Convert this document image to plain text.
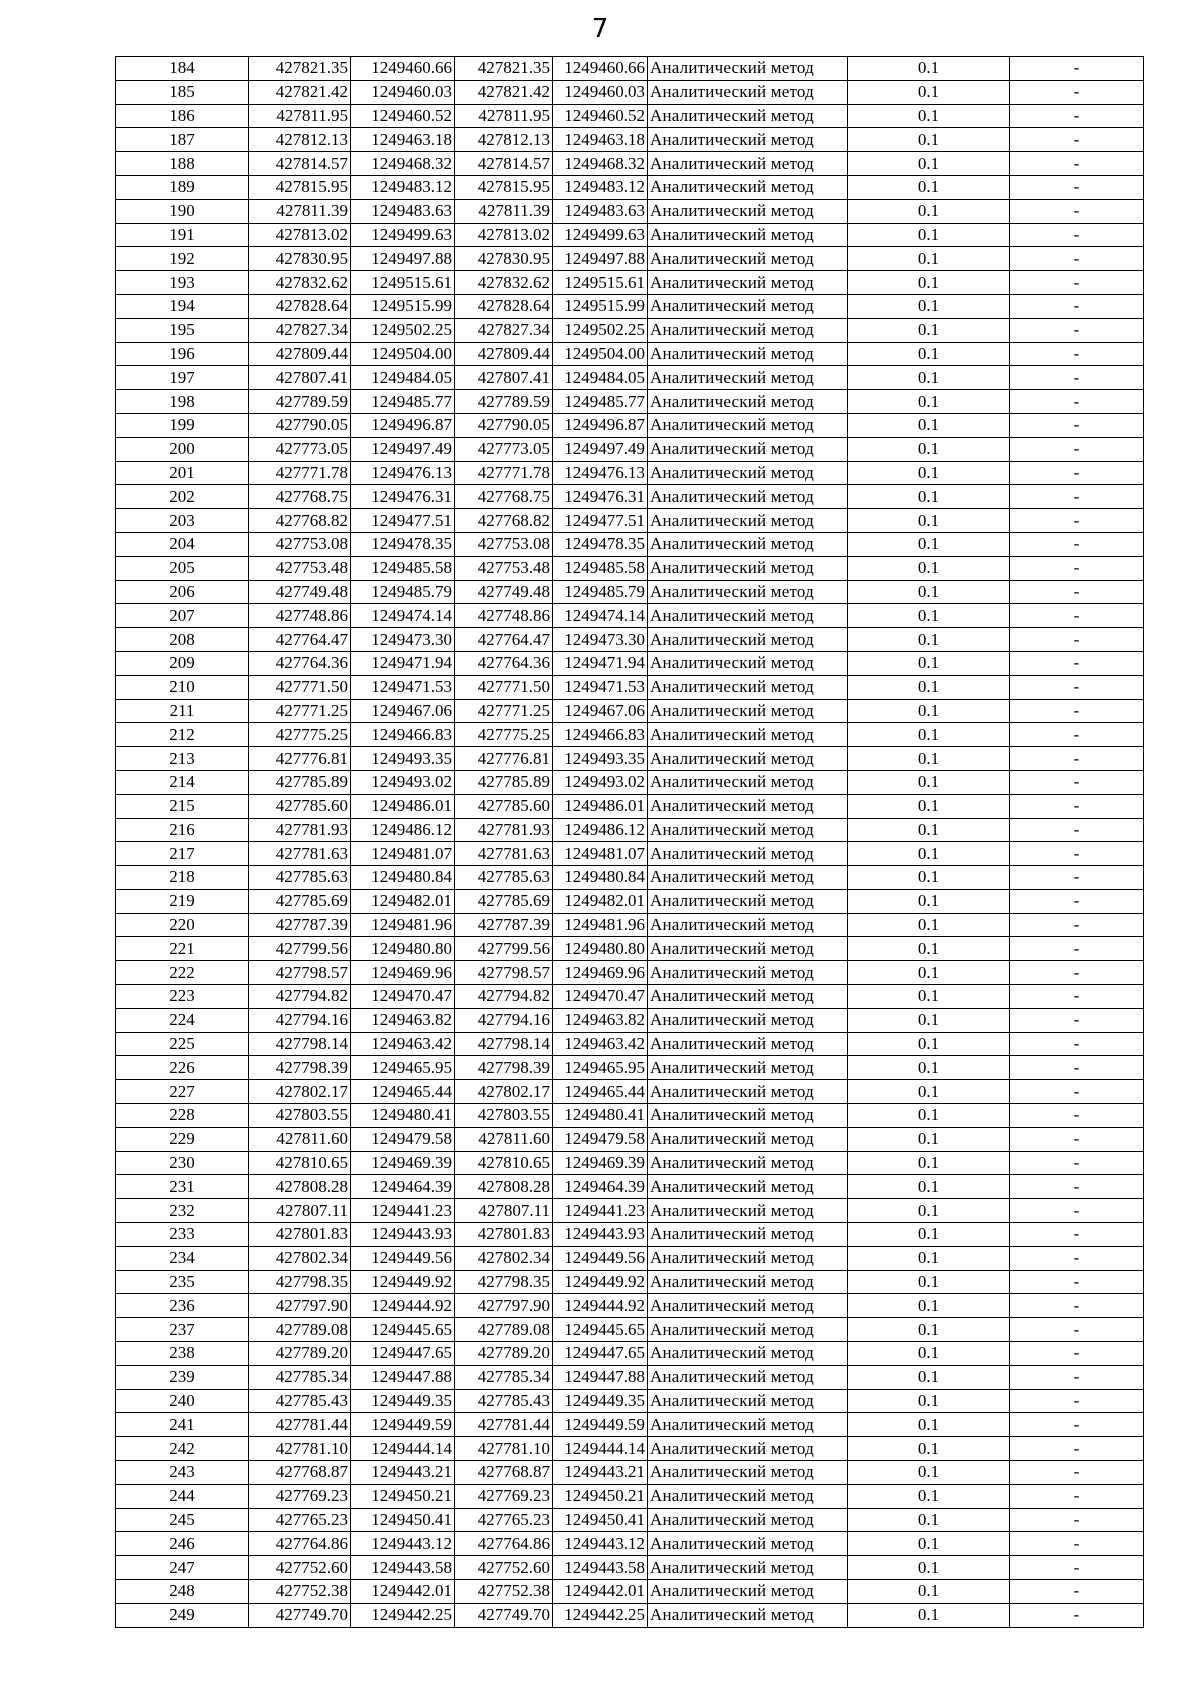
7
184	427821.35	1249460.66	427821.35	1249460.66	Аналитический метод	0.1	-
185	427821.42	1249460.03	427821.42	1249460.03	Аналитический метод	0.1	-
186	427811.95	1249460.52	427811.95	1249460.52	Аналитический метод	0.1	-
187	427812.13	1249463.18	427812.13	1249463.18	Аналитический метод	0.1	-
188	427814.57	1249468.32	427814.57	1249468.32	Аналитический метод	0.1	-
189	427815.95	1249483.12	427815.95	1249483.12	Аналитический метод	0.1	-
190	427811.39	1249483.63	427811.39	1249483.63	Аналитический метод	0.1	-
191	427813.02	1249499.63	427813.02	1249499.63	Аналитический метод	0.1	-
192	427830.95	1249497.88	427830.95	1249497.88	Аналитический метод	0.1	-
193	427832.62	1249515.61	427832.62	1249515.61	Аналитический метод	0.1	-
194	427828.64	1249515.99	427828.64	1249515.99	Аналитический метод	0.1	-
195	427827.34	1249502.25	427827.34	1249502.25	Аналитический метод	0.1	-
196	427809.44	1249504.00	427809.44	1249504.00	Аналитический метод	0.1	-
197	427807.41	1249484.05	427807.41	1249484.05	Аналитический метод	0.1	-
198	427789.59	1249485.77	427789.59	1249485.77	Аналитический метод	0.1	-
199	427790.05	1249496.87	427790.05	1249496.87	Аналитический метод	0.1	-
200	427773.05	1249497.49	427773.05	1249497.49	Аналитический метод	0.1	-
201	427771.78	1249476.13	427771.78	1249476.13	Аналитический метод	0.1	-
202	427768.75	1249476.31	427768.75	1249476.31	Аналитический метод	0.1	-
203	427768.82	1249477.51	427768.82	1249477.51	Аналитический метод	0.1	-
204	427753.08	1249478.35	427753.08	1249478.35	Аналитический метод	0.1	-
205	427753.48	1249485.58	427753.48	1249485.58	Аналитический метод	0.1	-
206	427749.48	1249485.79	427749.48	1249485.79	Аналитический метод	0.1	-
207	427748.86	1249474.14	427748.86	1249474.14	Аналитический метод	0.1	-
208	427764.47	1249473.30	427764.47	1249473.30	Аналитический метод	0.1	-
209	427764.36	1249471.94	427764.36	1249471.94	Аналитический метод	0.1	-
210	427771.50	1249471.53	427771.50	1249471.53	Аналитический метод	0.1	-
211	427771.25	1249467.06	427771.25	1249467.06	Аналитический метод	0.1	-
212	427775.25	1249466.83	427775.25	1249466.83	Аналитический метод	0.1	-
213	427776.81	1249493.35	427776.81	1249493.35	Аналитический метод	0.1	-
214	427785.89	1249493.02	427785.89	1249493.02	Аналитический метод	0.1	-
215	427785.60	1249486.01	427785.60	1249486.01	Аналитический метод	0.1	-
216	427781.93	1249486.12	427781.93	1249486.12	Аналитический метод	0.1	-
217	427781.63	1249481.07	427781.63	1249481.07	Аналитический метод	0.1	-
218	427785.63	1249480.84	427785.63	1249480.84	Аналитический метод	0.1	-
219	427785.69	1249482.01	427785.69	1249482.01	Аналитический метод	0.1	-
220	427787.39	1249481.96	427787.39	1249481.96	Аналитический метод	0.1	-
221	427799.56	1249480.80	427799.56	1249480.80	Аналитический метод	0.1	-
222	427798.57	1249469.96	427798.57	1249469.96	Аналитический метод	0.1	-
223	427794.82	1249470.47	427794.82	1249470.47	Аналитический метод	0.1	-
224	427794.16	1249463.82	427794.16	1249463.82	Аналитический метод	0.1	-
225	427798.14	1249463.42	427798.14	1249463.42	Аналитический метод	0.1	-
226	427798.39	1249465.95	427798.39	1249465.95	Аналитический метод	0.1	-
227	427802.17	1249465.44	427802.17	1249465.44	Аналитический метод	0.1	-
228	427803.55	1249480.41	427803.55	1249480.41	Аналитический метод	0.1	-
229	427811.60	1249479.58	427811.60	1249479.58	Аналитический метод	0.1	-
230	427810.65	1249469.39	427810.65	1249469.39	Аналитический метод	0.1	-
231	427808.28	1249464.39	427808.28	1249464.39	Аналитический метод	0.1	-
232	427807.11	1249441.23	427807.11	1249441.23	Аналитический метод	0.1	-
233	427801.83	1249443.93	427801.83	1249443.93	Аналитический метод	0.1	-
234	427802.34	1249449.56	427802.34	1249449.56	Аналитический метод	0.1	-
235	427798.35	1249449.92	427798.35	1249449.92	Аналитический метод	0.1	-
236	427797.90	1249444.92	427797.90	1249444.92	Аналитический метод	0.1	-
237	427789.08	1249445.65	427789.08	1249445.65	Аналитический метод	0.1	-
238	427789.20	1249447.65	427789.20	1249447.65	Аналитический метод	0.1	-
239	427785.34	1249447.88	427785.34	1249447.88	Аналитический метод	0.1	-
240	427785.43	1249449.35	427785.43	1249449.35	Аналитический метод	0.1	-
241	427781.44	1249449.59	427781.44	1249449.59	Аналитический метод	0.1	-
242	427781.10	1249444.14	427781.10	1249444.14	Аналитический метод	0.1	-
243	427768.87	1249443.21	427768.87	1249443.21	Аналитический метод	0.1	-
244	427769.23	1249450.21	427769.23	1249450.21	Аналитический метод	0.1	-
245	427765.23	1249450.41	427765.23	1249450.41	Аналитический метод	0.1	-
246	427764.86	1249443.12	427764.86	1249443.12	Аналитический метод	0.1	-
247	427752.60	1249443.58	427752.60	1249443.58	Аналитический метод	0.1	-
248	427752.38	1249442.01	427752.38	1249442.01	Аналитический метод	0.1	-
249	427749.70	1249442.25	427749.70	1249442.25	Аналитический метод	0.1	-
